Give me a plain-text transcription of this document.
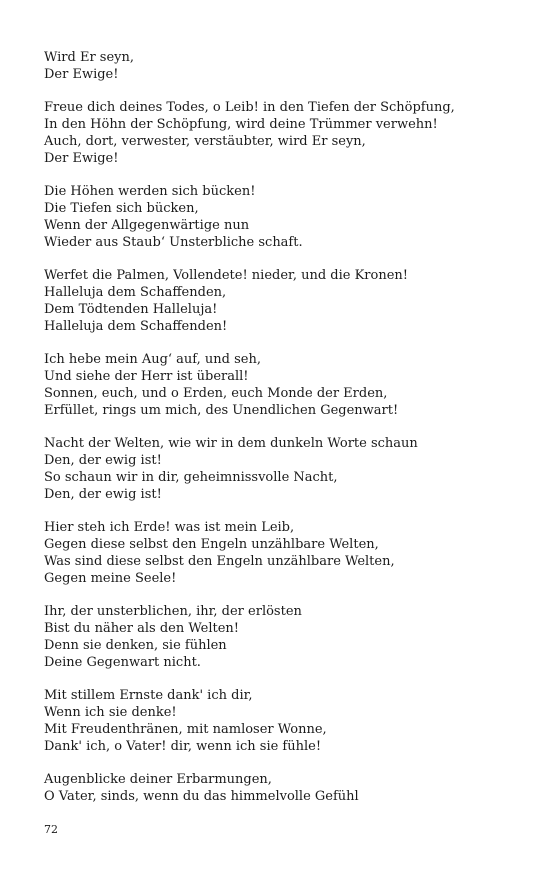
Wird Er seyn,
Der Ewige!
Freue dich deines Todes, o Leib! in den Tiefen der Schöpfung,
In den Höhn der Schöpfung, wird deine Trümmer verwehn!
Auch, dort, verwester, verstäubter, wird Er seyn,
Der Ewige!
Die Höhen werden sich bücken!
Die Tiefen sich bücken,
Wenn der Allgegenwärtige nun
Wieder aus Staub‘ Unsterbliche schaft.
Werfet die Palmen, Vollendete! nieder, und die Kronen!
Halleluja dem Schaffenden,
Dem Tödtenden Halleluja!
Halleluja dem Schaffenden!
Ich hebe mein Aug‘ auf, und seh,
Und siehe der Herr ist überall!
Sonnen, euch, und o Erden, euch Monde der Erden,
Erfüllet, rings um mich, des Unendlichen Gegenwart!
Nacht der Welten, wie wir in dem dunkeln Worte schaun
Den, der ewig ist!
So schaun wir in dir, geheimnissvolle Nacht,
Den, der ewig ist!
Hier steh ich Erde! was ist mein Leib,
Gegen diese selbst den Engeln unzählbare Welten,
Was sind diese selbst den Engeln unzählbare Welten,
Gegen meine Seele!
Ihr, der unsterblichen, ihr, der erlösten
Bist du näher als den Welten!
Denn sie denken, sie fühlen
Deine Gegenwart nicht.
Mit stillem Ernste dank' ich dir,
Wenn ich sie denke!
Mit Freudenthränen, mit namloser Wonne,
Dank' ich, o Vater! dir, wenn ich sie fühle!
Augenblicke deiner Erbarmungen,
O Vater, sinds, wenn du das himmelvolle Gefühl
72
